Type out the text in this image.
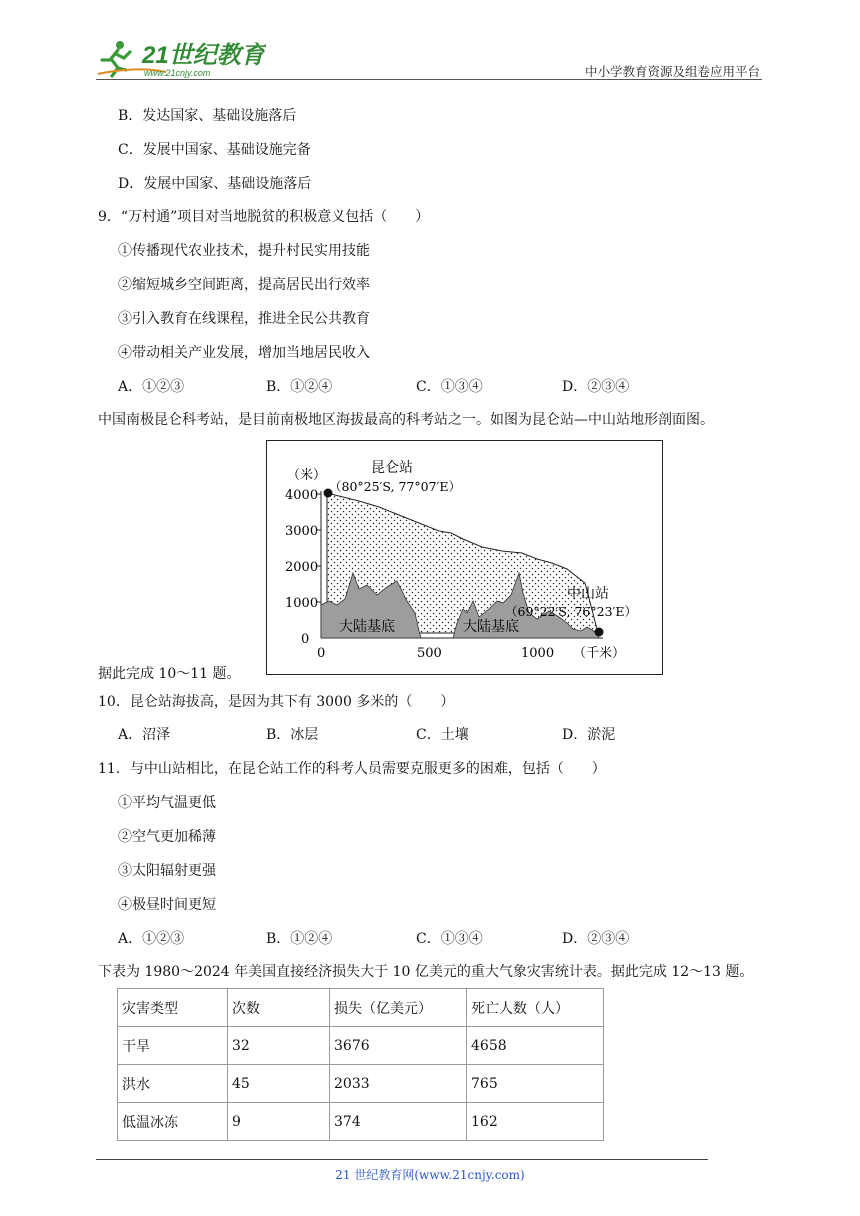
21世纪教育
www.21cnjy.com	中小学教育资源及组卷应用平台
B．发达国家、基础设施落后
C．发展中国家、基础设施完备
D．发展中国家、基础设施落后
9．“万村通”项目对当地脱贫的积极意义包括（　　）
①传播现代农业技术，提升村民实用技能
②缩短城乡空间距离，提高居民出行效率
③引入教育在线课程，推进全民公共教育
④带动相关产业发展，增加当地居民收入
A．①②③	B．①②④	C．①③④	D．②③④
中国南极昆仑科考站，是目前南极地区海拔最高的科考站之一。如图为昆仑站—中山站地形剖面图。
（米）
4000
3000
2000
1000
0
大陆基底	大陆基底
昆仑站
（80°25′S, 77°07′E）
中山站
（69°22′S, 76°23′E）
0	500	1000 （千米）
据此完成 10～11 题。
10．昆仑站海拔高，是因为其下有 3000 多米的（　　）
A．沼泽	B．冰层	C．土壤	D．淤泥
11．与中山站相比，在昆仑站工作的科考人员需要克服更多的困难，包括（　　）
①平均气温更低
②空气更加稀薄
③太阳辐射更强
④极昼时间更短
A．①②③	B．①②④	C．①③④	D．②③④
下表为 1980～2024 年美国直接经济损失大于 10 亿美元的重大气象灾害统计表。据此完成 12～13 题。
灾害类型	次数	损失（亿美元）	死亡人数（人）
干旱	32	3676	4658
洪水	45	2033	765
低温冰冻	9	374	162
21 世纪教育网(www.21cnjy.com)
